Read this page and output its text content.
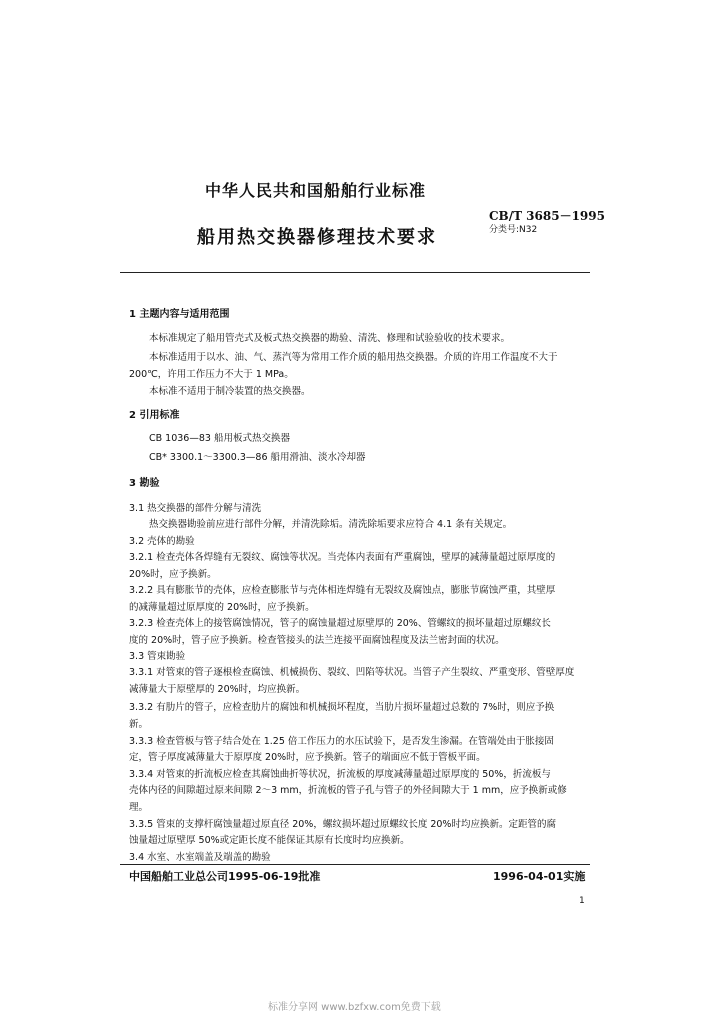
中华人民共和国船舶行业标准
船用热交换器修理技术要求
CB/T 3685－1995
分类号:N32
1 主题内容与适用范围
本标准规定了船用管壳式及板式热交换器的勘验、清洗、修理和试验验收的技术要求。
本标准适用于以水、油、气、蒸汽等为常用工作介质的船用热交换器。介质的许用工作温度不大于
200℃，许用工作压力不大于 1 MPa。
本标准不适用于制冷装置的热交换器。
2 引用标准
CB 1036—83 船用板式热交换器
CB* 3300.1～3300.3—86 船用滑油、淡水冷却器
3 勘验
3.1 热交换器的部件分解与清洗
热交换器勘验前应进行部件分解，并清洗除垢。清洗除垢要求应符合 4.1 条有关规定。
3.2 壳体的勘验
3.2.1 检查壳体各焊缝有无裂纹、腐蚀等状况。当壳体内表面有严重腐蚀，壁厚的减薄量超过原厚度的
20%时，应予换新。
3.2.2 具有膨胀节的壳体，应检查膨胀节与壳体相连焊缝有无裂纹及腐蚀点，膨胀节腐蚀严重，其壁厚
的减薄量超过原厚度的 20%时，应予换新。
3.2.3 检查壳体上的接管腐蚀情况，管子的腐蚀量超过原壁厚的 20%、管螺纹的损坏量超过原螺纹长
度的 20%时，管子应予换新。检查管接头的法兰连接平面腐蚀程度及法兰密封面的状况。
3.3 管束勘验
3.3.1 对管束的管子逐根检查腐蚀、机械损伤、裂纹、凹陷等状况。当管子产生裂纹、严重变形、管壁厚度
减薄量大于原壁厚的 20%时，均应换新。
3.3.2 有肋片的管子，应检查肋片的腐蚀和机械损坏程度，当肋片损坏量超过总数的 7%时，则应予换
新。
3.3.3 检查管板与管子结合处在 1.25 倍工作压力的水压试验下，是否发生渗漏。在管端处由于胀接固
定，管子厚度减薄量大于原厚度 20%时，应予换新。管子的端面应不低于管板平面。
3.3.4 对管束的折流板应检查其腐蚀曲折等状况，折流板的厚度减薄量超过原厚度的 50%，折流板与
壳体内径的间隙超过原来间隙 2～3 mm，折流板的管子孔与管子的外径间隙大于 1 mm，应予换新或修
理。
3.3.5 管束的支撑杆腐蚀量超过原直径 20%，螺纹损坏超过原螺纹长度 20%时均应换新。定距管的腐
蚀量超过原壁厚 50%或定距长度不能保证其原有长度时均应换新。
3.4 水室、水室端盖及端盖的勘验
中国船舶工业总公司1995-06-19批准	1996-04-01实施
1
标准分享网 www.bzfxw.com免费下载
